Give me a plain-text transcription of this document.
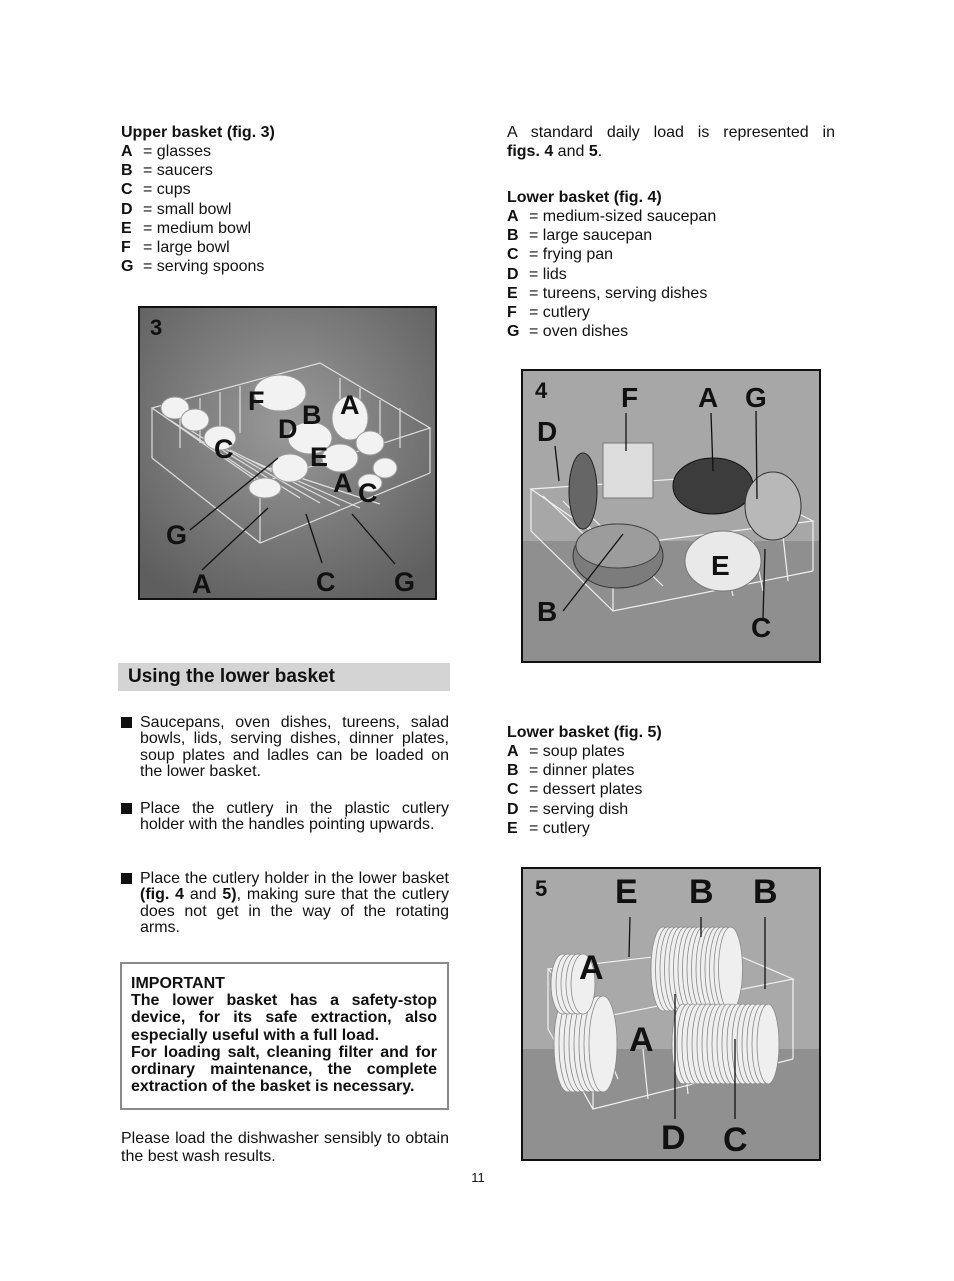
Upper basket (fig. 3)
A = glasses
B = saucers
C = cups
D = small bowl
E = medium bowl
F = large bowl
G = serving spoons
A standard daily load is represented in
figs. 4 and 5.
Lower basket (fig. 4)
A = medium-sized saucepan
B = large saucepan
C = frying pan
D = lids
E = tureens, serving dishes
F = cutlery
G = oven dishes
3
F B A
D
C	E
A C
G
A	C G
4	F A G
D
E
B
C
Using the lower basket
Saucepans, oven dishes, tureens, salad bowls, lids, serving dishes, dinner plates, soup plates and ladles can be loaded on the lower basket.
Place the cutlery in the plastic cutlery holder with the handles pointing upwards.
Place the cutlery holder in the lower basket (fig. 4 and 5), making sure that the cutlery does not get in the way of the rotating arms.
IMPORTANT
The lower basket has a safety-stop device, for its safe extraction, also especially useful with a full load.
For loading salt, cleaning filter and for ordinary maintenance, the complete extraction of the basket is necessary.
Please load the dishwasher sensibly to obtain the best wash results.
Lower basket (fig. 5)
A = soup plates
B = dinner plates
C = dessert plates
D = serving dish
E = cutlery
5 E B B
A
A
D C
11
